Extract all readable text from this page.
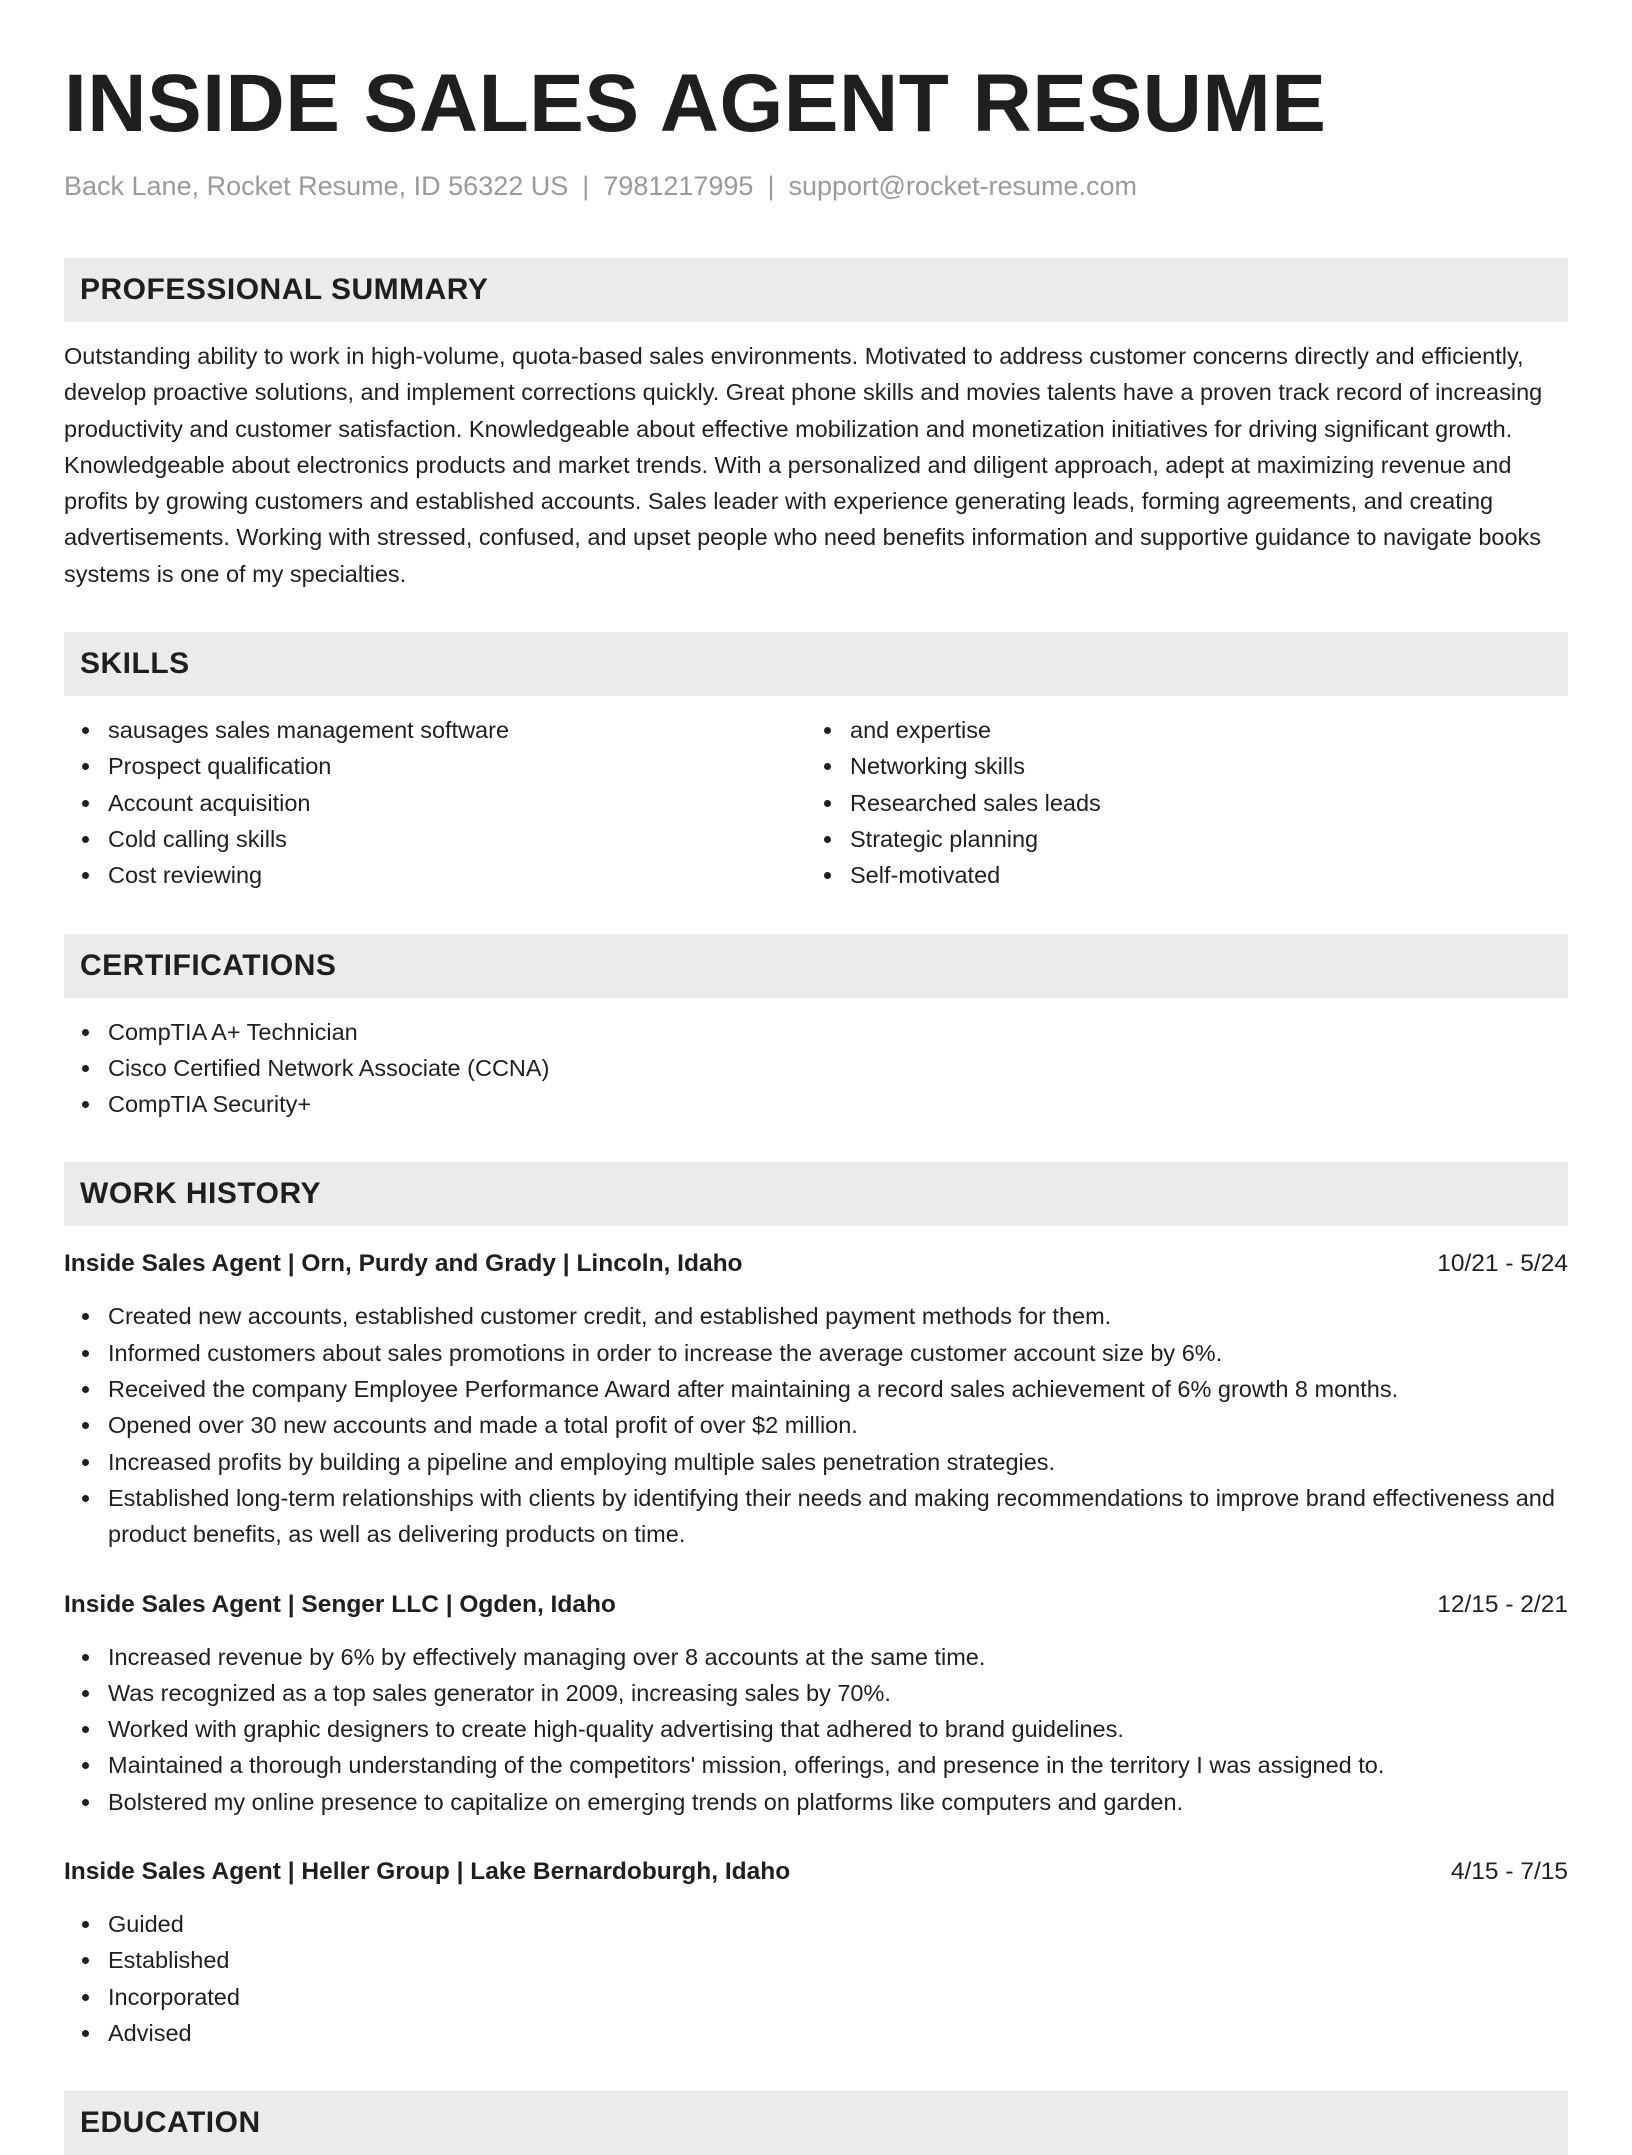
INSIDE SALES AGENT RESUME
Back Lane, Rocket Resume, ID 56322 US | 7981217995 | support@rocket-resume.com
PROFESSIONAL SUMMARY

Outstanding ability to work in high-volume, quota-based sales environments. Motivated to address customer concerns directly and efficiently, develop proactive solutions, and implement corrections quickly. Great phone skills and movies talents have a proven track record of increasing productivity and customer satisfaction. Knowledgeable about effective mobilization and monetization initiatives for driving significant growth. Knowledgeable about electronics products and market trends. With a personalized and diligent approach, adept at maximizing revenue and profits by growing customers and established accounts. Sales leader with experience generating leads, forming agreements, and creating advertisements. Working with stressed, confused, and upset people who need benefits information and supportive guidance to navigate books systems is one of my specialties.

SKILLS
sausages sales management software
Prospect qualification
Account acquisition
Cold calling skills
Cost reviewing
and expertise
Networking skills
Researched sales leads
Strategic planning
Self-motivated
CERTIFICATIONS
CompTIA A+ Technician
Cisco Certified Network Associate (CCNA)
CompTIA Security+
WORK HISTORY
Inside Sales Agent | Orn, Purdy and Grady | Lincoln, Idaho	10/21 - 5/24
Created new accounts, established customer credit, and established payment methods for them.
Informed customers about sales promotions in order to increase the average customer account size by 6%.
Received the company Employee Performance Award after maintaining a record sales achievement of 6% growth 8 months.
Opened over 30 new accounts and made a total profit of over $2 million.
Increased profits by building a pipeline and employing multiple sales penetration strategies.
Established long-term relationships with clients by identifying their needs and making recommendations to improve brand effectiveness and product benefits, as well as delivering products on time.
Inside Sales Agent | Senger LLC | Ogden, Idaho	12/15 - 2/21
Increased revenue by 6% by effectively managing over 8 accounts at the same time.
Was recognized as a top sales generator in 2009, increasing sales by 70%.
Worked with graphic designers to create high-quality advertising that adhered to brand guidelines.
Maintained a thorough understanding of the competitors' mission, offerings, and presence in the territory I was assigned to.
Bolstered my online presence to capitalize on emerging trends on platforms like computers and garden.
Inside Sales Agent | Heller Group | Lake Bernardoburgh, Idaho	4/15 - 7/15
Guided
Established
Incorporated
Advised
EDUCATION
